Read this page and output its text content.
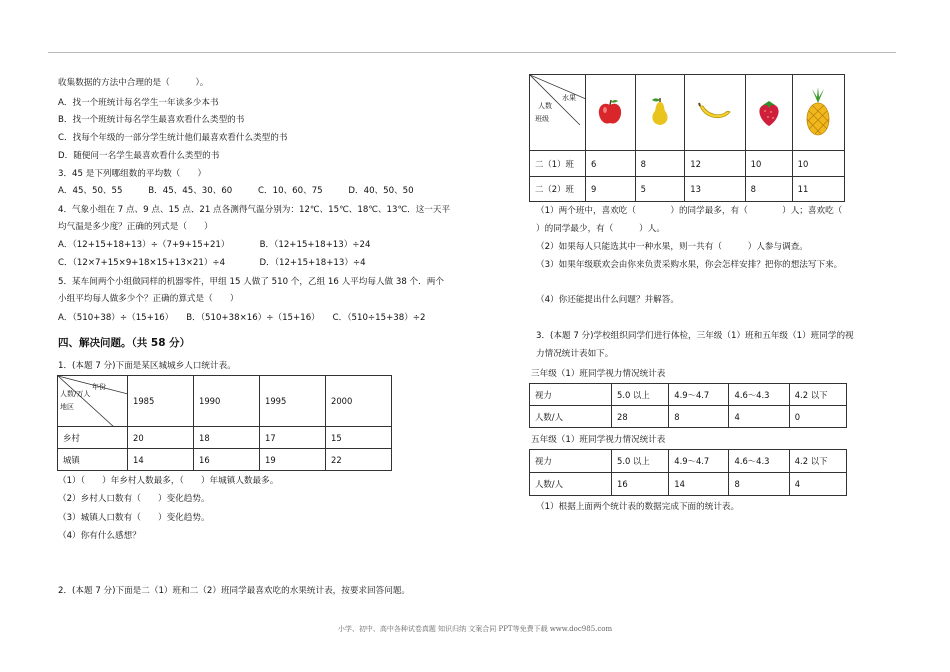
收集数据的方法中合理的是（　　　）。
A．找一个班统计每名学生一年读多少本书
B．找一个班统计每名学生最喜欢看什么类型的书
C．找每个年级的一部分学生统计他们最喜欢看什么类型的书
D．随便问一名学生最喜欢看什么类型的书
3．45 是下列哪组数的平均数（　　）
A．45、50、55　　　B．45、45、30、60　　　C．10、60、75　　　D．40、50、50
4．气象小组在 7 点、9 点、15 点、21 点各测得气温分别为：12℃、15℃、18℃、13℃．这一天平
均气温是多少度？正确的列式是（　　）
A．（12+15+18+13）÷（7+9+15+21）　　　　B．（12+15+18+13）÷24
C．（12×7+15×9+18×15+13×21）÷4　　　　D．（12+15+18+13）÷4
5．某车间两个小组做同样的机器零件，甲组 15 人做了 510 个，乙组 16 人平均每人做 38 个．两个
小组平均每人做多少个？正确的算式是（　　）
A．（510+38）÷（15+16）　　B．（510+38×16）÷（15+16）　　C．（510÷15+38）÷2
四、解决问题。（共 58 分）
1．(本题 7 分)下面是某区城城乡人口统计表。
年份
人数/万人
地区	1985	1990	1995	2000
乡村	20	18	17	15
城镇	14	16	19	22
（1）（　　）年乡村人数最多，（　　）年城镇人数最多。
（2）乡村人口数有（　　）变化趋势。
（3）城镇人口数有（　　）变化趋势。
（4）你有什么感想？
2．(本题 7 分)下面是二（1）班和二（2）班同学最喜欢吃的水果统计表，按要求回答问题。
水果
人数
班级

二（1）班	6	8	12	10	10
二（2）班	9	5	13	8	11
（1）两个班中，喜欢吃（　　　　）的同学最多，有（　　　　）人；喜欢吃（　　　
）的同学最少，有（　　　）人。
（2）如果每人只能选其中一种水果，则一共有（　　　）人参与调查。
（3）如果年级联欢会由你来负责采购水果，你会怎样安排？把你的想法写下来。
（4）你还能提出什么问题？并解答。
3．(本题 7 分)学校组织同学们进行体检，三年级（1）班和五年级（1）班同学的视
力情况统计表如下。
三年级（1）班同学视力情况统计表
视力	5.0 以上	4.9～4.7	4.6～4.3	4.2 以下
人数/人	28	8	4	0
五年级（1）班同学视力情况统计表
视力	5.0 以上	4.9～4.7	4.6～4.3	4.2 以下
人数/人	16	14	8	4
（1）根据上面两个统计表的数据完成下面的统计表。
小学、初中、高中各种试卷真题 知识归纳 文案合同 PPT等免费下载 www.doc985.com
